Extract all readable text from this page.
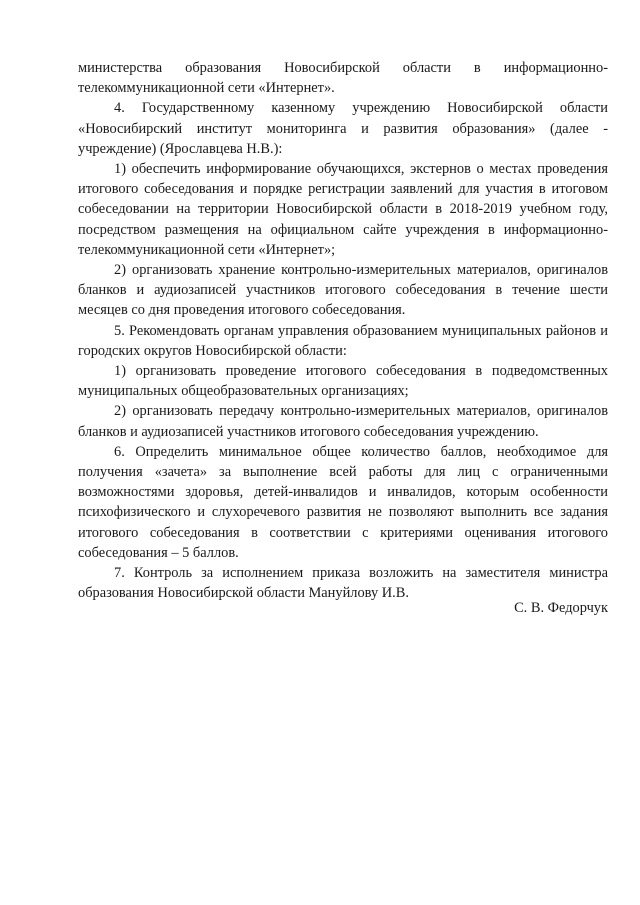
министерства образования Новосибирской области в информационно-телекоммуникационной сети «Интернет».

4. Государственному казенному учреждению Новосибирской области «Новосибирский институт мониторинга и развития образования» (далее - учреждение) (Ярославцева Н.В.):

1) обеспечить информирование обучающихся, экстернов о местах проведения итогового собеседования и порядке регистрации заявлений для участия в итоговом собеседовании на территории Новосибирской области в 2018-2019 учебном году, посредством размещения на официальном сайте учреждения в информационно-телекоммуникационной сети «Интернет»;

2) организовать хранение контрольно-измерительных материалов, оригиналов бланков и аудиозаписей участников итогового собеседования в течение шести месяцев со дня проведения итогового собеседования.

5. Рекомендовать органам управления образованием муниципальных районов и городских округов Новосибирской области:

1) организовать проведение итогового собеседования в подведомственных муниципальных общеобразовательных организациях;

2) организовать передачу контрольно-измерительных материалов, оригиналов бланков и аудиозаписей участников итогового собеседования учреждению.

6. Определить минимальное общее количество баллов, необходимое для получения «зачета» за выполнение всей работы для лиц с ограниченными возможностями здоровья, детей-инвалидов и инвалидов, которым особенности психофизического и слухоречевого развития не позволяют выполнить все задания итогового собеседования в соответствии с критериями оценивания итогового собеседования – 5 баллов.

7. Контроль за исполнением приказа возложить на заместителя министра образования Новосибирской области Мануйлову И.В.

С. В. Федорчук
